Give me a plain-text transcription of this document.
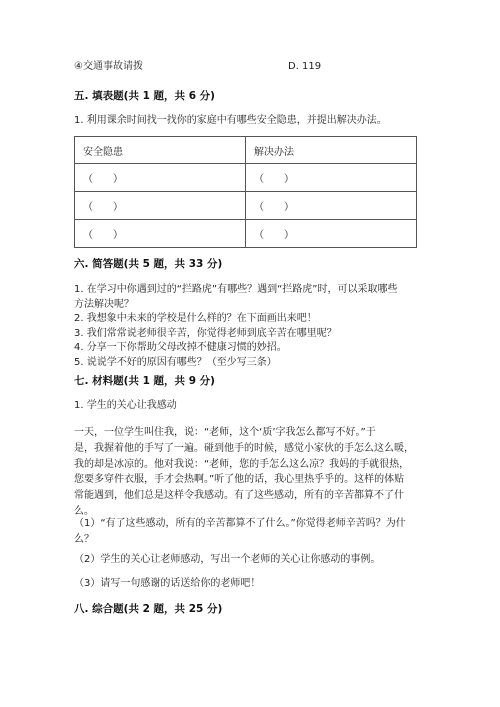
④交通事故请拨	D. 119
五. 填表题(共 1 题，共 6 分)
1. 利用课余时间找一找你的家庭中有哪些安全隐患，并提出解决办法。
安全隐患	解决办法
（　　）	（　　）
（　　）	（　　）
（　　）	（　　）
六. 简答题(共 5 题，共 33 分)
1. 在学习中你遇到过的“拦路虎”有哪些？遇到“拦路虎”时，可以采取哪些
方法解决呢？
2. 我想象中未来的学校是什么样的？在下面画出来吧！
3. 我们常常说老师很辛苦，你觉得老师到底辛苦在哪里呢？
4. 分享一下你帮助父母改掉不健康习惯的妙招。
5. 说说学不好的原因有哪些？（至少写三条）
七. 材料题(共 1 题，共 9 分)
1. 学生的关心让我感动
一天，一位学生叫住我，说：“老师，这个‘质’字我怎么都写不好。”于
是，我握着他的手写了一遍。碰到他手的时候，感觉小家伙的手怎么这么暖，
我的却是冰凉的。他对我说：“老师，您的手怎么这么凉？我妈的手就很热，
您要多穿件衣服，手才会热啊。”听了他的话，我心里热乎乎的。这样的体贴
常能遇到，他们总是这样令我感动。有了这些感动，所有的辛苦都算不了什
么。
（1）“有了这些感动，所有的辛苦都算不了什么。”你觉得老师辛苦吗？为什
么？
（2）学生的关心让老师感动，写出一个老师的关心让你感动的事例。
（3）请写一句感谢的话送给你的老师吧！
八. 综合题(共 2 题，共 25 分)
